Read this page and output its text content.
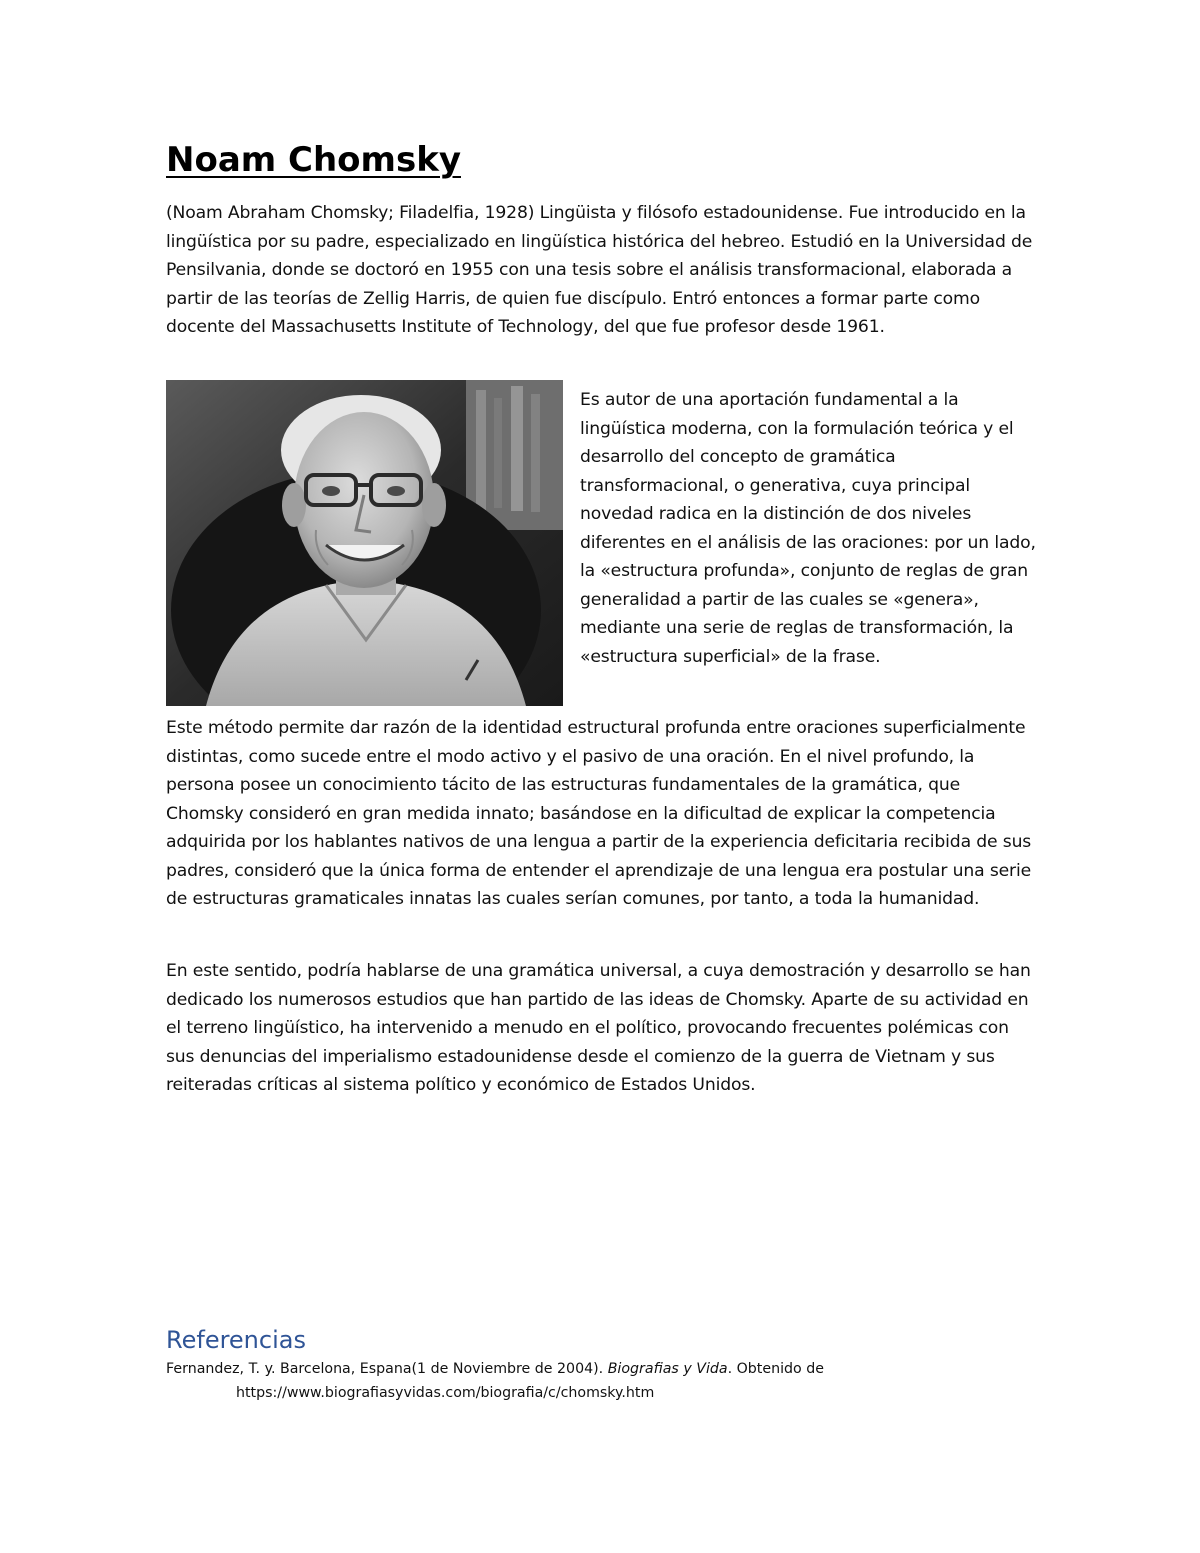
Noam Chomsky

(Noam Abraham Chomsky; Filadelfia, 1928) Lingüista y filósofo estadounidense. Fue introducido en la lingüística por su padre, especializado en lingüística histórica del hebreo. Estudió en la Universidad de Pensilvania, donde se doctoró en 1955 con una tesis sobre el análisis transformacional, elaborada a partir de las teorías de Zellig Harris, de quien fue discípulo. Entró entonces a formar parte como docente del Massachusetts Institute of Technology, del que fue profesor desde 1961.

Es autor de una aportación fundamental a la lingüística moderna, con la formulación teórica y el desarrollo del concepto de gramática transformacional, o generativa, cuya principal novedad radica en la distinción de dos niveles diferentes en el análisis de las oraciones: por un lado, la «estructura profunda», conjunto de reglas de gran generalidad a partir de las cuales se «genera», mediante una serie de reglas de transformación, la «estructura superficial» de la frase.

Este método permite dar razón de la identidad estructural profunda entre oraciones superficialmente distintas, como sucede entre el modo activo y el pasivo de una oración. En el nivel profundo, la persona posee un conocimiento tácito de las estructuras fundamentales de la gramática, que Chomsky consideró en gran medida innato; basándose en la dificultad de explicar la competencia adquirida por los hablantes nativos de una lengua a partir de la experiencia deficitaria recibida de sus padres, consideró que la única forma de entender el aprendizaje de una lengua era postular una serie de estructuras gramaticales innatas las cuales serían comunes, por tanto, a toda la humanidad.

En este sentido, podría hablarse de una gramática universal, a cuya demostración y desarrollo se han dedicado los numerosos estudios que han partido de las ideas de Chomsky. Aparte de su actividad en el terreno lingüístico, ha intervenido a menudo en el político, provocando frecuentes polémicas con sus denuncias del imperialismo estadounidense desde el comienzo de la guerra de Vietnam y sus reiteradas críticas al sistema político y económico de Estados Unidos.

Referencias

Fernandez, T. y. Barcelona, Espana(1 de Noviembre de 2004). Biografias y Vida. Obtenido de https://www.biografiasyvidas.com/biografia/c/chomsky.htm
